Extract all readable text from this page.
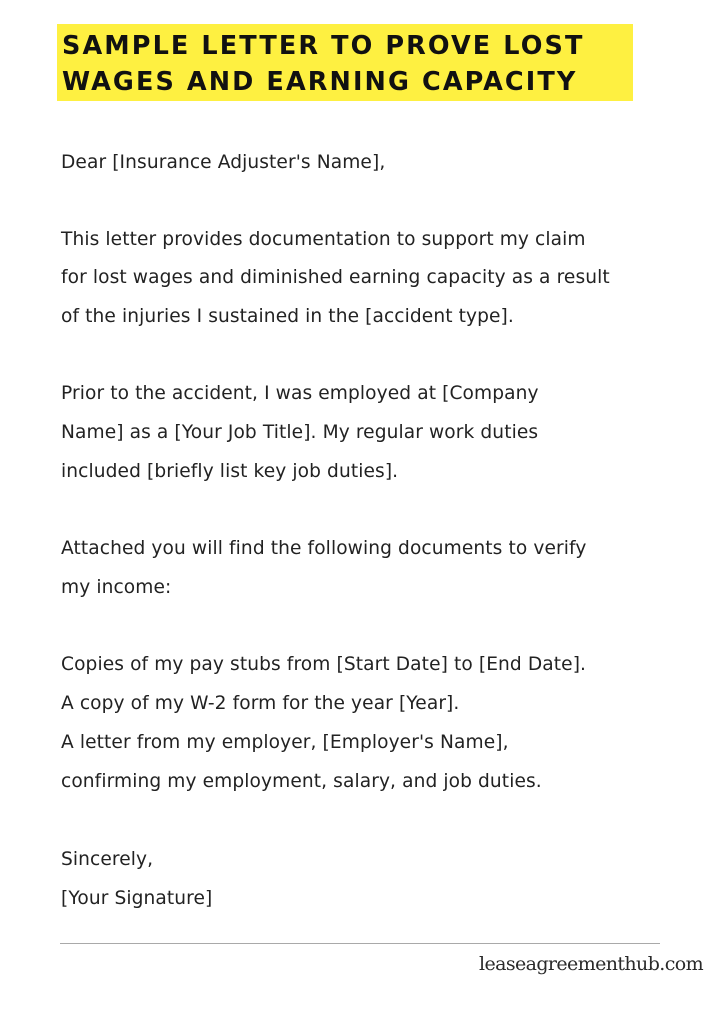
SAMPLE LETTER TO PROVE LOST
WAGES AND EARNING CAPACITY
Dear [Insurance Adjuster's Name],
This letter provides documentation to support my claim
for lost wages and diminished earning capacity as a result
of the injuries I sustained in the [accident type].
Prior to the accident, I was employed at [Company
Name] as a [Your Job Title]. My regular work duties
included [briefly list key job duties].
Attached you will find the following documents to verify
my income:
Copies of my pay stubs from [Start Date] to [End Date].
A copy of my W-2 form for the year [Year].
A letter from my employer, [Employer's Name],
confirming my employment, salary, and job duties.
Sincerely,
[Your Signature]
leaseagreementhub.com
